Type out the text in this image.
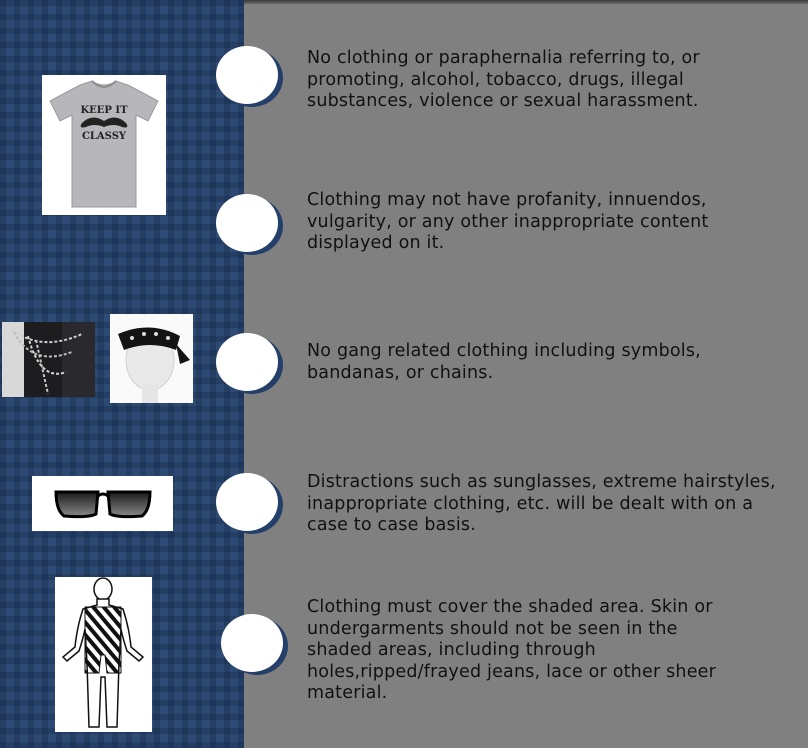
KEEP IT
CLASSY
No clothing or paraphernalia referring to, or promoting, alcohol, tobacco, drugs, illegal substances, violence or sexual harassment.
Clothing may not have profanity, innuendos, vulgarity, or any other inappropriate content displayed on it.
No gang related clothing including symbols, bandanas, or chains.
Distractions such as sunglasses, extreme hairstyles, inappropriate clothing, etc. will be dealt with on a case to case basis.
Clothing must cover the shaded area. Skin or undergarments should not be seen in the shaded areas, including through holes,ripped/frayed jeans, lace or other sheer material.
